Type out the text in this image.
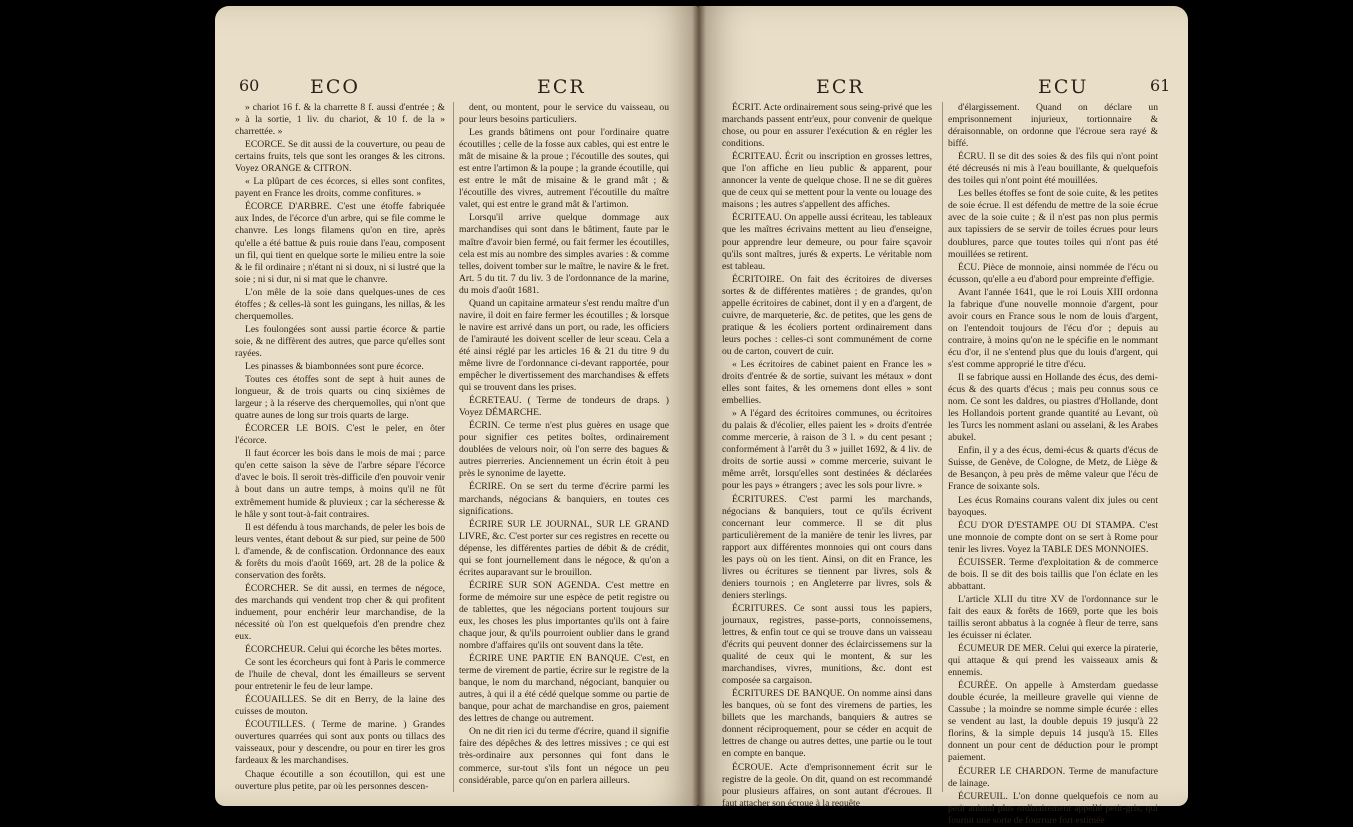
60	ECO	ECR

» chariot 16 f. & la charrette 8 f. aussi d'entrée ; & » à la sortie, 1 liv. du chariot, & 10 f. de la » charrettée. »

ECORCE. Se dit aussi de la couverture, ou peau de certains fruits, tels que sont les oranges & les citrons. Voyez ORANGE & CITRON.

« La plûpart de ces écorces, si elles sont confites, payent en France les droits, comme confitures. »

ÉCORCE D'ARBRE. C'est une étoffe fabriquée aux Indes, de l'écorce d'un arbre, qui se file comme le chanvre. Les longs filamens qu'on en tire, après qu'elle a été battue & puis rouie dans l'eau, composent un fil, qui tient en quelque sorte le milieu entre la soie & le fil ordinaire ; n'étant ni si doux, ni si lustré que la soie ; ni si dur, ni si mat que le chanvre.

L'on mêle de la soie dans quelques-unes de ces étoffes ; & celles-là sont les guingans, les nillas, & les cherquemolles.

Les foulongées sont aussi partie écorce & partie soie, & ne diffèrent des autres, que parce qu'elles sont rayées.

Les pinasses & biambonnées sont pure écorce.

Toutes ces étoffes sont de sept à huit aunes de longueur, & de trois quarts ou cinq sixièmes de largeur ; à la réserve des cherquemolles, qui n'ont que quatre aunes de long sur trois quarts de large.

ÉCORCER LE BOIS. C'est le peler, en ôter l'écorce.

Il faut écorcer les bois dans le mois de mai ; parce qu'en cette saison la sève de l'arbre sépare l'écorce d'avec le bois. Il seroit très-difficile d'en pouvoir venir à bout dans un autre temps, à moins qu'il ne fût extrêmement humide & pluvieux ; car la sécheresse & le hâle y sont tout-à-fait contraires.

Il est défendu à tous marchands, de peler les bois de leurs ventes, étant debout & sur pied, sur peine de 500 l. d'amende, & de confiscation. Ordonnance des eaux & forêts du mois d'août 1669, art. 28 de la police & conservation des forêts.

ÉCORCHER. Se dit aussi, en termes de négoce, des marchands qui vendent trop cher & qui profitent induement, pour enchérir leur marchandise, de la nécessité où l'on est quelquefois d'en prendre chez eux.

ÉCORCHEUR. Celui qui écorche les bêtes mortes.

Ce sont les écorcheurs qui font à Paris le commerce de l'huile de cheval, dont les émailleurs se servent pour entretenir le feu de leur lampe.

ÉCOUAILLES. Se dit en Berry, de la laine des cuisses de mouton.

ÉCOUTILLES. ( Terme de marine. ) Grandes ouvertures quarrées qui sont aux ponts ou tillacs des vaisseaux, pour y descendre, ou pour en tirer les gros fardeaux & les marchandises.

Chaque écoutille a son écoutillon, qui est une ouverture plus petite, par où les personnes descen-

dent, ou montent, pour le service du vaisseau, ou pour leurs besoins particuliers.

Les grands bâtimens ont pour l'ordinaire quatre écoutilles ; celle de la fosse aux cables, qui est entre le mât de misaine & la proue ; l'écoutille des soutes, qui est entre l'artimon & la poupe ; la grande écoutille, qui est entre le mât de misaine & le grand mât ; & l'écoutille des vivres, autrement l'écoutille du maître valet, qui est entre le grand mât & l'artimon.

Lorsqu'il arrive quelque dommage aux marchandises qui sont dans le bâtiment, faute par le maître d'avoir bien fermé, ou fait fermer les écoutilles, cela est mis au nombre des simples avaries : & comme telles, doivent tomber sur le maître, le navire & le fret. Art. 5 du tit. 7 du liv. 3 de l'ordonnance de la marine, du mois d'août 1681.

Quand un capitaine armateur s'est rendu maître d'un navire, il doit en faire fermer les écoutilles ; & lorsque le navire est arrivé dans un port, ou rade, les officiers de l'amirauté les doivent sceller de leur sceau. Cela a été ainsi réglé par les articles 16 & 21 du titre 9 du même livre de l'ordonnance ci-devant rapportée, pour empêcher le divertissement des marchandises & effets qui se trouvent dans les prises.

ÉCRETEAU. ( Terme de tondeurs de draps. ) Voyez DÉMARCHE.

ÉCRIN. Ce terme n'est plus guères en usage que pour signifier ces petites boîtes, ordinairement doublées de velours noir, où l'on serre des bagues & autres pierreries. Anciennement un écrin étoit à peu près le synonime de layette.

ÉCRIRE. On se sert du terme d'écrire parmi les marchands, négocians & banquiers, en toutes ces significations.

ÉCRIRE SUR LE JOURNAL, SUR LE GRAND LIVRE, &c. C'est porter sur ces registres en recette ou dépense, les différentes parties de débit & de crédit, qui se font journellement dans le négoce, & qu'on a écrites auparavant sur le brouillon.

ÉCRIRE SUR SON AGENDA. C'est mettre en forme de mémoire sur une espèce de petit registre ou de tablettes, que les négocians portent toujours sur eux, les choses les plus importantes qu'ils ont à faire chaque jour, & qu'ils pourroient oublier dans le grand nombre d'affaires qu'ils ont souvent dans la tête.

ÉCRIRE UNE PARTIE EN BANQUE. C'est, en terme de virement de partie, écrire sur le registre de la banque, le nom du marchand, négociant, banquier ou autres, à qui il a été cédé quelque somme ou partie de banque, pour achat de marchandise en gros, paiement des lettres de change ou autrement.

On ne dit rien ici du terme d'écrire, quand il signifie faire des dépêches & des lettres missives ; ce qui est très-ordinaire aux personnes qui font dans le commerce, sur-tout s'ils font un négoce un peu considérable, parce qu'on en parlera ailleurs.

ECR	ECU	61

ÉCRIT. Acte ordinairement sous seing-privé que les marchands passent entr'eux, pour convenir de quelque chose, ou pour en assurer l'exécution & en régler les conditions.

ÉCRITEAU. Écrit ou inscription en grosses lettres, que l'on affiche en lieu public & apparent, pour annoncer la vente de quelque chose. Il ne se dit guères que de ceux qui se mettent pour la vente ou louage des maisons ; les autres s'appellent des affiches.

ÉCRITEAU. On appelle aussi écriteau, les tableaux que les maîtres écrivains mettent au lieu d'enseigne, pour apprendre leur demeure, ou pour faire sçavoir qu'ils sont maîtres, jurés & experts. Le véritable nom est tableau.

ÉCRITOIRE. On fait des écritoires de diverses sortes & de différentes matières ; de grandes, qu'on appelle écritoires de cabinet, dont il y en a d'argent, de cuivre, de marqueterie, &c. de petites, que les gens de pratique & les écoliers portent ordinairement dans leurs poches : celles-ci sont communément de corne ou de carton, couvert de cuir.

« Les écritoires de cabinet paient en France les » droits d'entrée & de sortie, suivant les métaux » dont elles sont faites, & les ornemens dont elles » sont embellies.

» A l'égard des écritoires communes, ou écritoires du palais & d'écolier, elles paient les » droits d'entrée comme mercerie, à raison de 3 l. » du cent pesant ; conformément à l'arrêt du 3 » juillet 1692, & 4 liv. de droits de sortie aussi » comme mercerie, suivant le même arrêt, lorsqu'elles sont destinées & déclarées pour les pays » étrangers ; avec les sols pour livre. »

ÉCRITURES. C'est parmi les marchands, négocians & banquiers, tout ce qu'ils écrivent concernant leur commerce. Il se dit plus particulièrement de la manière de tenir les livres, par rapport aux différentes monnoies qui ont cours dans les pays où on les tient. Ainsi, on dit en France, les livres ou écritures se tiennent par livres, sols & deniers tournois ; en Angleterre par livres, sols & deniers sterlings.

ÉCRITURES. Ce sont aussi tous les papiers, journaux, registres, passe-ports, connoissemens, lettres, & enfin tout ce qui se trouve dans un vaisseau d'écrits qui peuvent donner des éclaircissemens sur la qualité de ceux qui le montent, & sur les marchandises, vivres, munitions, &c. dont est composée sa cargaison.

ÉCRITURES DE BANQUE. On nomme ainsi dans les banques, où se font des viremens de parties, les billets que les marchands, banquiers & autres se donnent réciproquement, pour se céder en acquit de lettres de change ou autres dettes, une partie ou le tout en compte en banque.

ÉCROUE. Acte d'emprisonnement écrit sur le registre de la geole. On dit, quand on est recommandé pour plusieurs affaires, on sont autant d'écroues. Il faut attacher son écroue à la requête

d'élargissement. Quand on déclare un emprisonnement injurieux, tortionnaire & déraisonnable, on ordonne que l'écroue sera rayé & biffé.

ÉCRU. Il se dit des soies & des fils qui n'ont point été décreusés ni mis à l'eau bouillante, & quelquefois des toiles qui n'ont point été mouillées.

Les belles étoffes se font de soie cuite, & les petites de soie écrue. Il est défendu de mettre de la soie écrue avec de la soie cuite ; & il n'est pas non plus permis aux tapissiers de se servir de toiles écrues pour leurs doublures, parce que toutes toiles qui n'ont pas été mouillées se retirent.

ÉCU. Pièce de monnoie, ainsi nommée de l'écu ou écusson, qu'elle a eu d'abord pour empreinte d'effigie.

Avant l'année 1641, que le roi Louis XIII ordonna la fabrique d'une nouvelle monnoie d'argent, pour avoir cours en France sous le nom de louis d'argent, on l'entendoit toujours de l'écu d'or ; depuis au contraire, à moins qu'on ne le spécifie en le nommant écu d'or, il ne s'entend plus que du louis d'argent, qui s'est comme approprié le titre d'écu.

Il se fabrique aussi en Hollande des écus, des demi-écus & des quarts d'écus ; mais peu connus sous ce nom. Ce sont les daldres, ou piastres d'Hollande, dont les Hollandois portent grande quantité au Levant, où les Turcs les nomment aslani ou asselani, & les Arabes abukel.

Enfin, il y a des écus, demi-écus & quarts d'écus de Suisse, de Genève, de Cologne, de Metz, de Liège & de Besançon, à peu près de même valeur que l'écu de France de soixante sols.

Les écus Romains courans valent dix jules ou cent bayoques.

ÉCU D'OR D'ESTAMPE OU DI STAMPA. C'est une monnoie de compte dont on se sert à Rome pour tenir les livres. Voyez la TABLE DES MONNOIES.

ÉCUISSER. Terme d'exploitation & de commerce de bois. Il se dit des bois taillis que l'on éclate en les abbattant.

L'article XLII du titre XV de l'ordonnance sur le fait des eaux & forêts de 1669, porte que les bois taillis seront abbatus à la cognée à fleur de terre, sans les écuisser ni éclater.

ÉCUMEUR DE MER. Celui qui exerce la piraterie, qui attaque & qui prend les vaisseaux amis & ennemis.

ÉCURÉE. On appelle à Amsterdam guedasse double écurée, la meilleure gravelle qui vienne de Cassube ; la moindre se nomme simple écurée : elles se vendent au last, la double depuis 19 jusqu'à 22 florins, & la simple depuis 14 jusqu'à 15. Elles donnent un pour cent de déduction pour le prompt paiement.

ÉCURER LE CHARDON. Terme de manufacture de lainage.

ÉCUREUIL. L'on donne quelquefois ce nom au petit animal plus ordinairement appellé petit-gris, qui fournit une sorte de fourrure fort estimée
